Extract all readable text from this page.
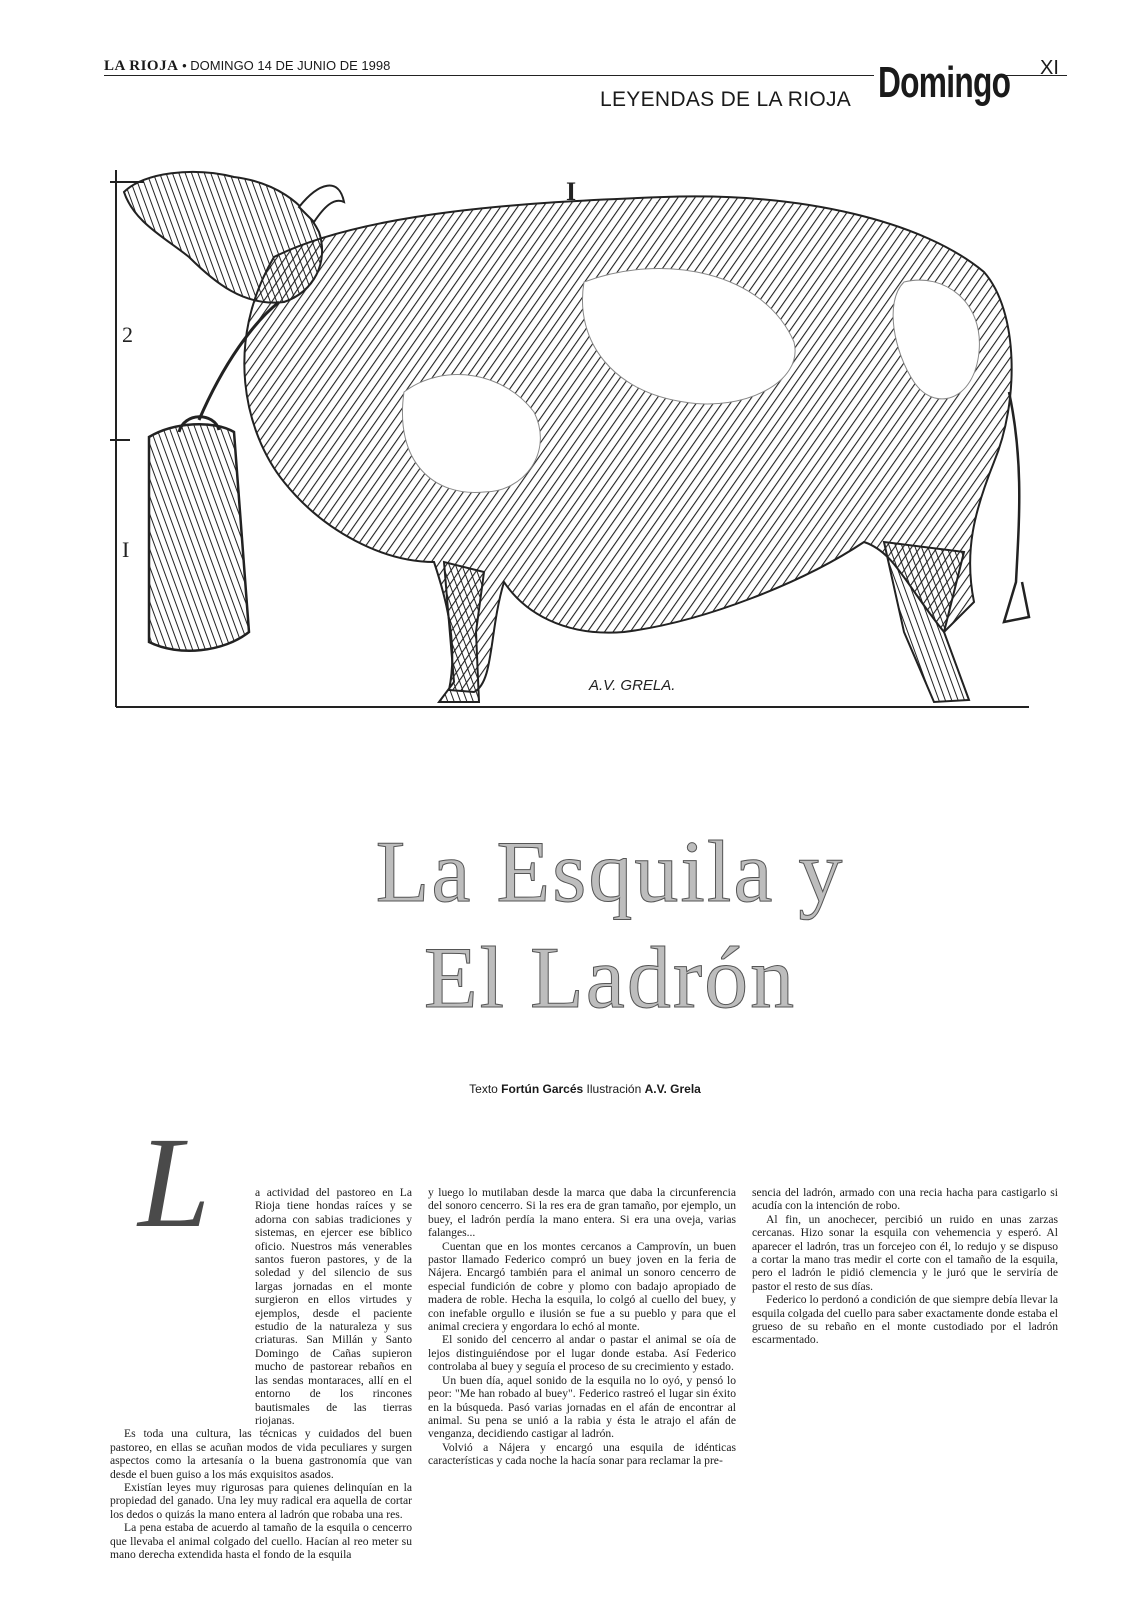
LA RIOJA • DOMINGO 14 DE JUNIO DE 1998	XI
LEYENDAS DE LA RIOJA Domingo
I
2
I
A.V. GRELA.
La Esquila y
El Ladrón
Texto Fortún Garcés Ilustración A.V. Grela
L	a actividad del pastoreo en La Rioja tiene hondas raíces y se adorna con sabias tradiciones y sistemas, en ejercer ese bíblico oficio. Nuestros más venerables santos fueron pastores, y de la soledad y del silencio de sus largas jornadas en el monte surgieron en ellos virtudes y ejemplos, desde el paciente estudio de la naturaleza y sus criaturas. San Millán y Santo Domingo de Cañas supieron mucho de pastorear rebaños en las sendas montaraces, allí en el entorno de los rincones bautismales de las tierras riojanas.

Es toda una cultura, las técnicas y cuidados del buen pastoreo, en ellas se acuñan modos de vida peculiares y surgen aspectos como la artesanía o la buena gastronomía que van desde el buen guiso a los más exquisitos asados.

Existían leyes muy rigurosas para quienes delinquían en la propiedad del ganado. Una ley muy radical era aquella de cortar los dedos o quizás la mano entera al ladrón que robaba una res.

La pena estaba de acuerdo al tamaño de la esquila o cencerro que llevaba el animal colgado del cuello. Hacían al reo meter su mano derecha extendida hasta el fondo de la esquila

y luego lo mutilaban desde la marca que daba la circunferencia del sonoro cencerro. Si la res era de gran tamaño, por ejemplo, un buey, el ladrón perdía la mano entera. Si era una oveja, varias falanges...

Cuentan que en los montes cercanos a Camprovín, un buen pastor llamado Federico compró un buey joven en la feria de Nájera. Encargó también para el animal un sonoro cencerro de especial fundición de cobre y plomo con badajo apropiado de madera de roble. Hecha la esquila, lo colgó al cuello del buey, y con inefable orgullo e ilusión se fue a su pueblo y para que el animal creciera y engordara lo echó al monte.

El sonido del cencerro al andar o pastar el animal se oía de lejos distinguiéndose por el lugar donde estaba. Así Federico controlaba al buey y seguía el proceso de su crecimiento y estado.

Un buen día, aquel sonido de la esquila no lo oyó, y pensó lo peor: "Me han robado al buey". Federico rastreó el lugar sin éxito en la búsqueda. Pasó varias jornadas en el afán de encontrar al animal. Su pena se unió a la rabia y ésta le atrajo el afán de venganza, decidiendo castigar al ladrón.

Volvió a Nájera y encargó una esquila de idénticas características y cada noche la hacía sonar para reclamar la pre-

sencia del ladrón, armado con una recia hacha para castigarlo si acudía con la intención de robo.

Al fin, un anochecer, percibió un ruido en unas zarzas cercanas. Hizo sonar la esquila con vehemencia y esperó. Al aparecer el ladrón, tras un forcejeo con él, lo redujo y se dispuso a cortar la mano tras medir el corte con el tamaño de la esquila, pero el ladrón le pidió clemencia y le juró que le serviría de pastor el resto de sus días.

Federico lo perdonó a condición de que siempre debía llevar la esquila colgada del cuello para saber exactamente donde estaba el grueso de su rebaño en el monte custodiado por el ladrón escarmentado.
